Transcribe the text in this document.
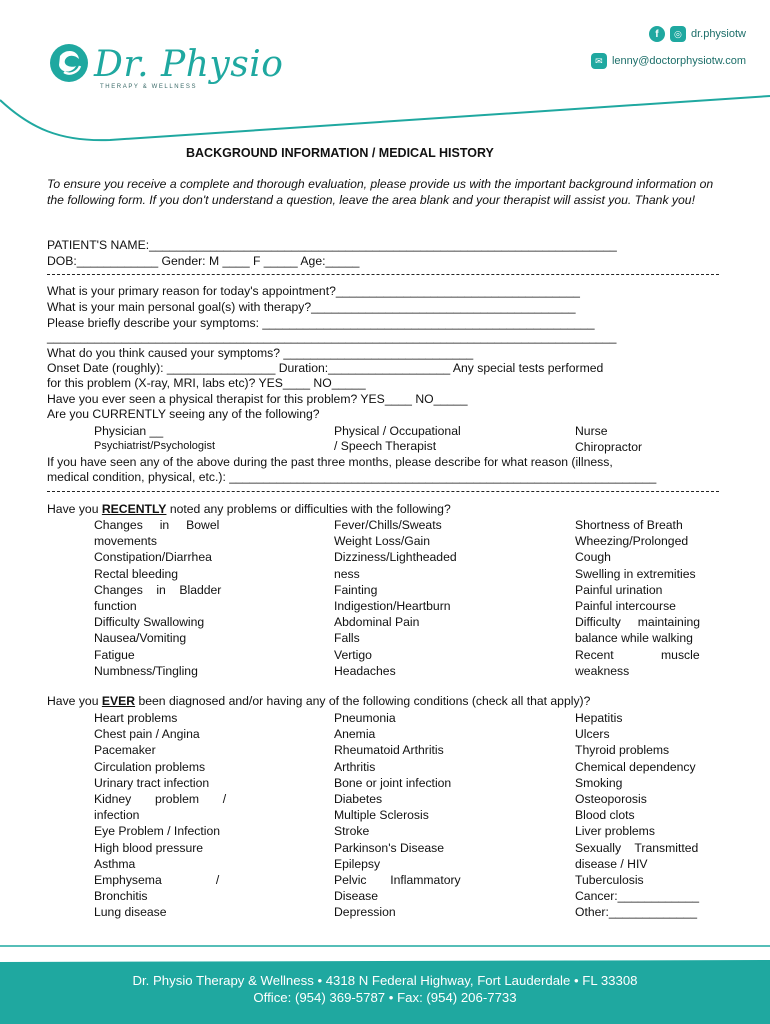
Dr. Physio
THERAPY & WELLNESS
f	◎ dr.physiotw
✉ lenny@doctorphysiotw.com
BACKGROUND INFORMATION / MEDICAL HISTORY
To ensure you receive a complete and thorough evaluation, please provide us with the important background information on the following form. If you don't understand a question, leave the area blank and your therapist will assist you. Thank you!
PATIENT'S NAME:_____________________________________________________________________
DOB:____________ Gender: M ____ F _____ Age:_____
What is your primary reason for today's appointment?____________________________________
What is your main personal goal(s) with therapy?_______________________________________
Please briefly describe your symptoms: _________________________________________________
____________________________________________________________________________________
What do you think caused your symptoms? ____________________________
Onset Date (roughly): ________________ Duration:__________________ Any special tests performed
for this problem (X-ray, MRI, labs etc)? YES____ NO_____
Have you ever seen a physical therapist for this problem? YES____ NO_____
Are you CURRENTLY seeing any of the following?
Physician __
Psychiatrist/Psychologist
Physical / Occupational
/ Speech Therapist
Nurse
Chiropractor
If you have seen any of the above during the past three months, please describe for what reason (illness,
medical condition, physical, etc.): _______________________________________________________________
Have you RECENTLY noted any problems or difficulties with the following?
Changes     in     Bowel
movements
Constipation/Diarrhea
Rectal bleeding
Changes    in    Bladder
function
Difficulty Swallowing
Nausea/Vomiting
Fatigue
Numbness/Tingling
Fever/Chills/Sweats
Weight Loss/Gain
Dizziness/Lightheaded
ness
Fainting
Indigestion/Heartburn
Abdominal Pain
Falls
Vertigo
Headaches
Shortness of Breath
Wheezing/Prolonged
Cough
Swelling in extremities
Painful urination
Painful intercourse
Difficulty     maintaining
balance while walking
Recent              muscle
weakness
Have you EVER been diagnosed and/or having any of the following conditions (check all that apply)?
Heart problems
Chest pain / Angina
Pacemaker
Circulation problems
Urinary tract infection
Kidney       problem       /
infection
Eye Problem / Infection
High blood pressure
Asthma
Emphysema                /
Bronchitis
Lung disease
Pneumonia
Anemia
Rheumatoid Arthritis
Arthritis
Bone or joint infection
Diabetes
Multiple Sclerosis
Stroke
Parkinson's Disease
Epilepsy
Pelvic       Inflammatory
Disease
Depression
Hepatitis
Ulcers
Thyroid problems
Chemical dependency
Smoking
Osteoporosis
Blood clots
Liver problems
Sexually    Transmitted
disease / HIV
Tuberculosis
Cancer:____________
Other:_____________
Dr. Physio Therapy & Wellness • 4318 N Federal Highway, Fort Lauderdale • FL 33308
Office: (954) 369-5787 • Fax: (954) 206-7733
